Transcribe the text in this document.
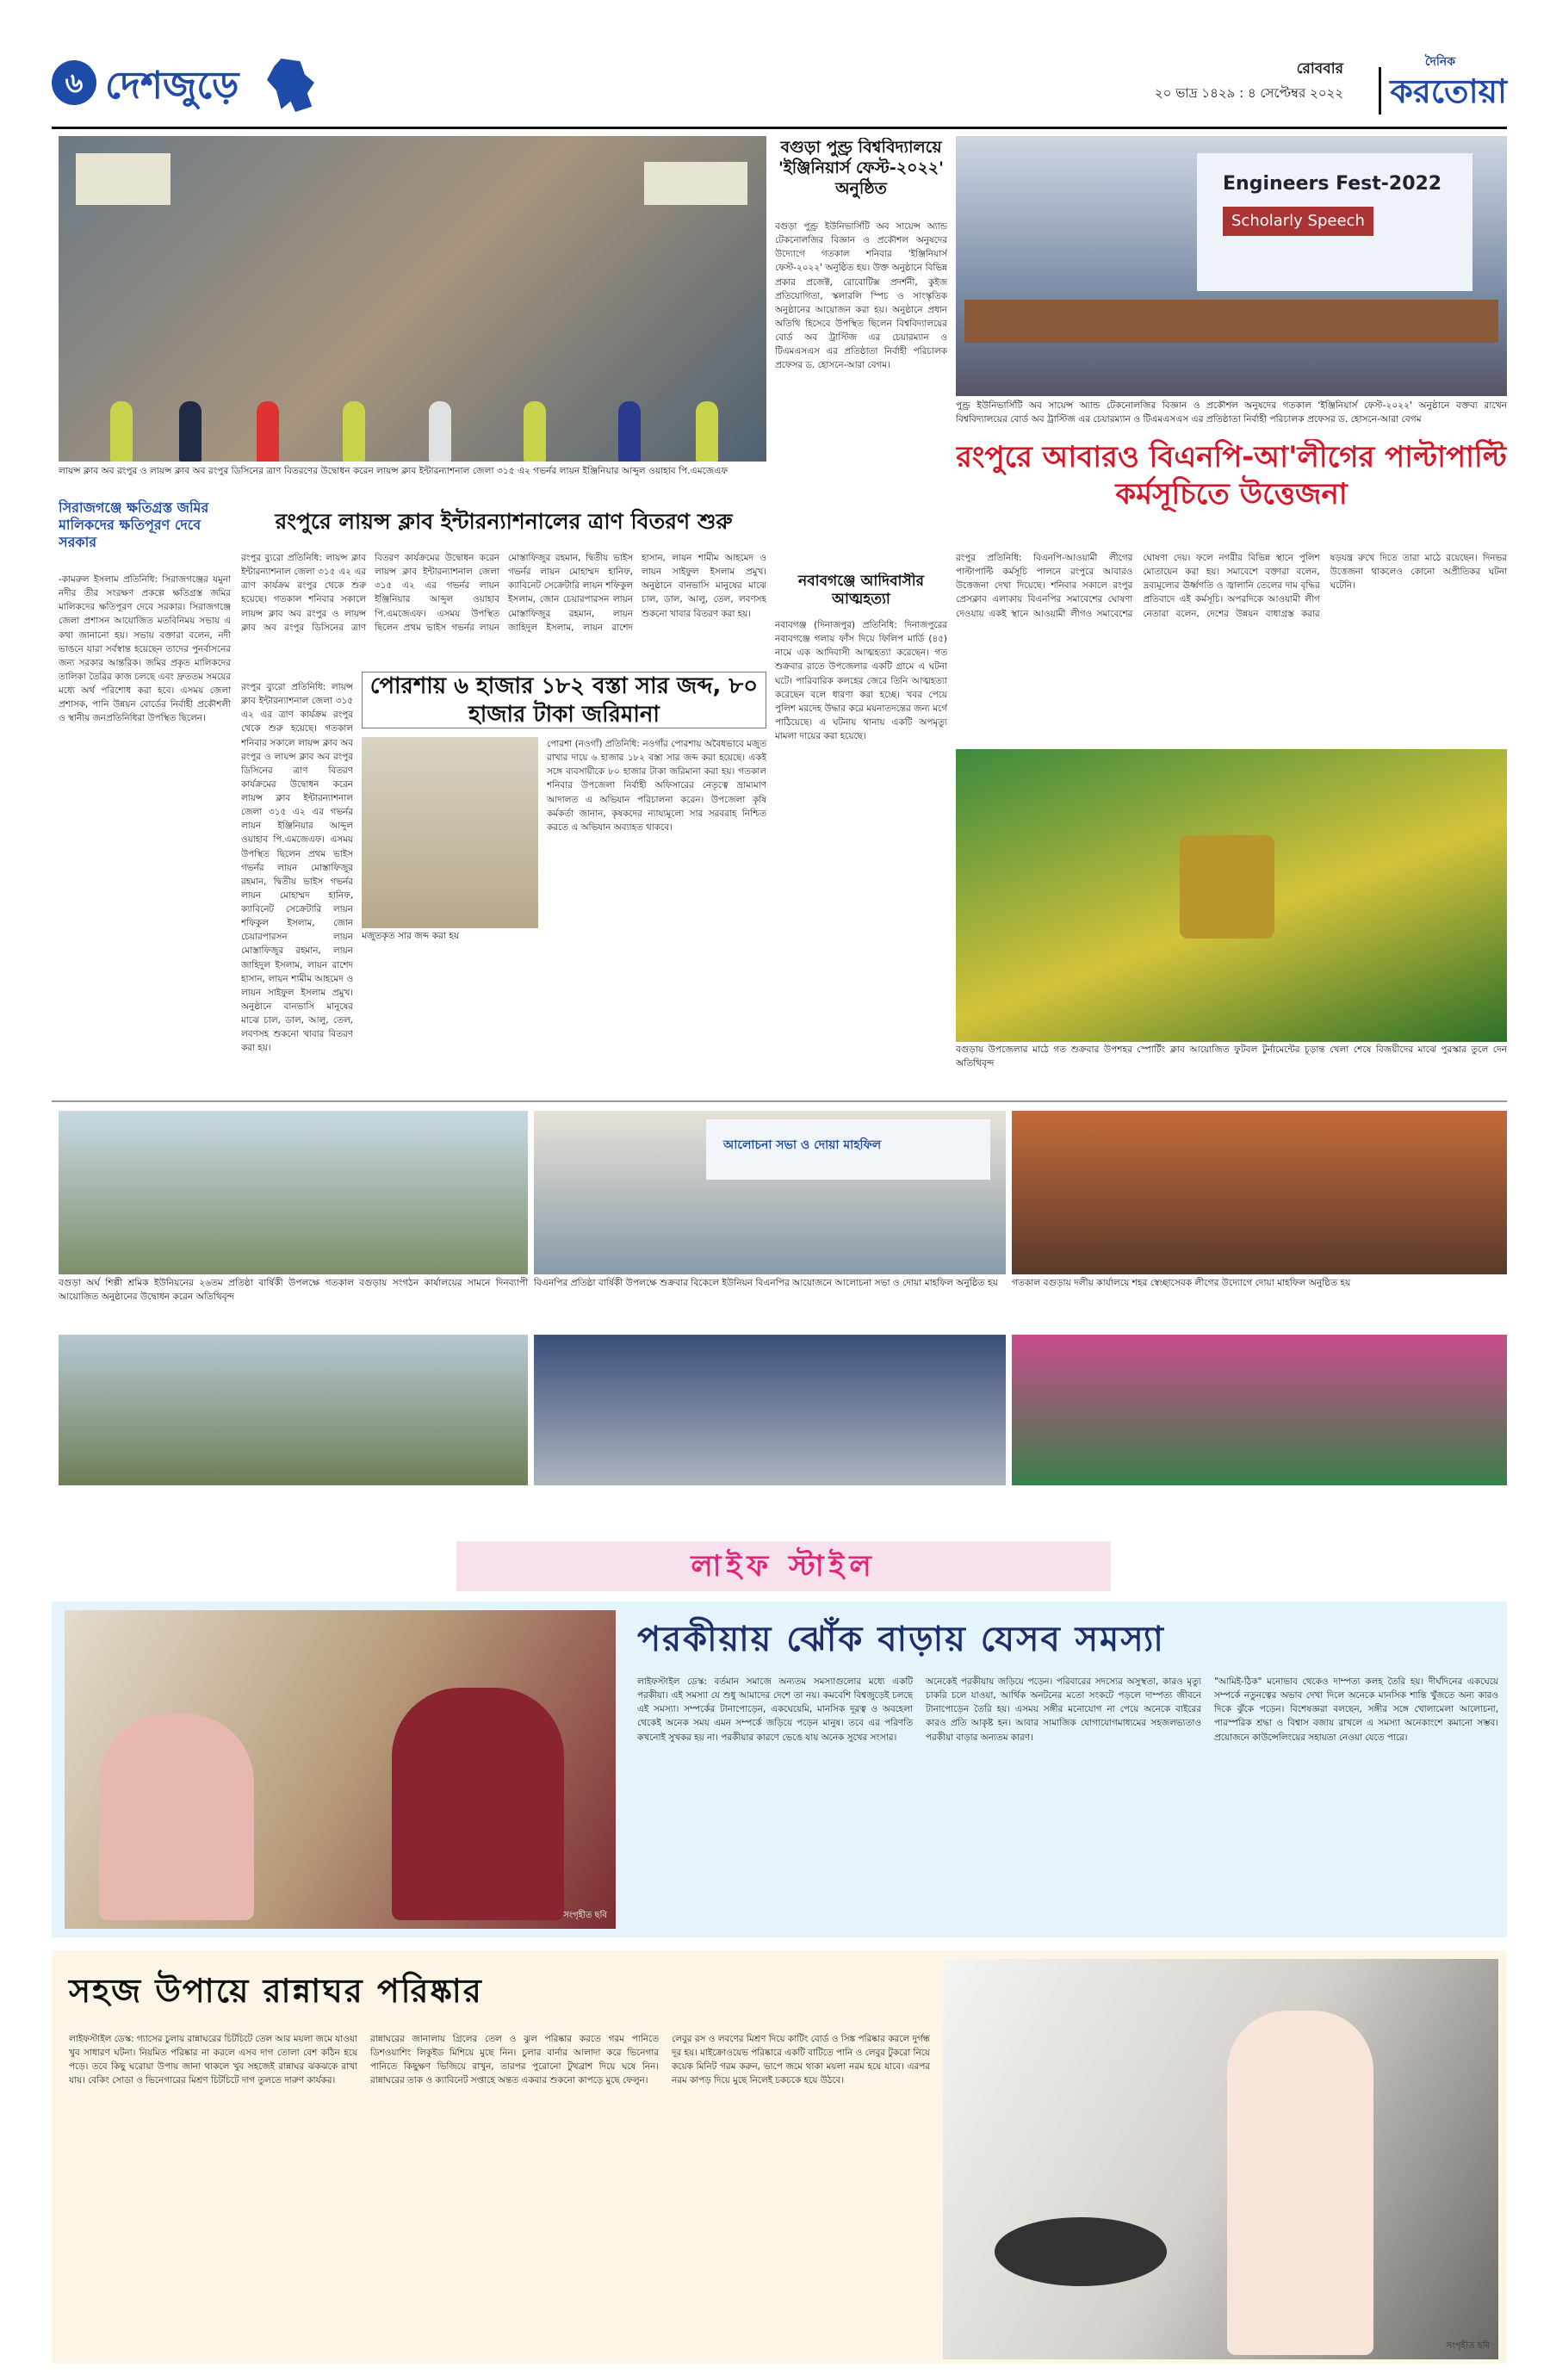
৬ দেশজুড়ে	রোববার
২০ ভাদ্র ১৪২৯ : ৪ সেপ্টেম্বর ২০২২
দৈনিক
করতোয়া
লায়ন্স ক্লাব অব রংপুর ও লায়ন্স ক্লাব অব রংপুর ডিসিনের ত্রাণ বিতরণের উদ্বোধন করেন লায়ন্স ক্লাব ইন্টারন্যাশনাল জেলা ৩১৫ এ২ গভর্নর লায়ন ইঞ্জিনিয়ার আব্দুল ওয়াহাব পি.এমজেএফ
বগুড়া পুণ্ড্র বিশ্ববিদ্যালয়ে 'ইঞ্জিনিয়ার্স ফেস্ট-২০২২' অনুষ্ঠিত
বগুড়া পুণ্ড্র ইউনিভার্সিটি অব সায়েন্স অ্যান্ড টেকনোলজির বিজ্ঞান ও প্রকৌশল অনুষদের উদ্যোগে গতকাল শনিবার 'ইঞ্জিনিয়ার্স ফেস্ট-২০২২' অনুষ্ঠিত হয়। উক্ত অনুষ্ঠানে বিভিন্ন প্রকার প্রজেক্ট, রোবোটিক্স প্রদর্শনী, কুইজ প্রতিযোগিতা, স্কলারলি স্পিচ ও সাংস্কৃতিক অনুষ্ঠানের আয়োজন করা হয়। অনুষ্ঠানে প্রধান অতিথি হিসেবে উপস্থিত ছিলেন বিশ্ববিদ্যালয়ের বোর্ড অব ট্রাস্টিজ এর চেয়ারম্যান ও টিএমএসএস এর প্রতিষ্ঠাতা নির্বাহী পরিচালক প্রফেসর ড. হোসনে-আরা বেগম।
Engineers Fest-2022
Scholarly Speech
পুণ্ড্র ইউনিভার্সিটি অব সায়েন্স অ্যান্ড টেকনোলজির বিজ্ঞান ও প্রকৌশল অনুষদের গতকাল 'ইঞ্জিনিয়ার্স ফেস্ট-২০২২' অনুষ্ঠানে বক্তব্য রাখেন বিশ্ববিদ্যালয়ের বোর্ড অব ট্রাস্টিজ এর চেয়ারম্যান ও টিএমএসএস এর প্রতিষ্ঠাতা নির্বাহী পরিচালক প্রফেসর ড. হোসনে-আরা বেগম
রংপুরে আবারও বিএনপি-আ'লীগের পাল্টাপাল্টি কর্মসূচিতে উত্তেজনা
সিরাজগঞ্জে ক্ষতিগ্রস্ত জমির মালিকদের ক্ষতিপূরণ দেবে সরকার
-কামরুল ইসলাম প্রতিনিধি: সিরাজগঞ্জের যমুনা নদীর তীর সংরক্ষণ প্রকল্পে ক্ষতিগ্রস্ত জমির মালিকদের ক্ষতিপূরণ দেবে সরকার। সিরাজগঞ্জে জেলা প্রশাসন আয়োজিত মতবিনিময় সভায় এ কথা জানানো হয়। সভায় বক্তারা বলেন, নদী ভাঙনে যারা সর্বস্বান্ত হয়েছেন তাদের পুনর্বাসনের জন্য সরকার আন্তরিক। জমির প্রকৃত মালিকদের তালিকা তৈরির কাজ চলছে এবং দ্রুততম সময়ের মধ্যে অর্থ পরিশোধ করা হবে। এসময় জেলা প্রশাসক, পানি উন্নয়ন বোর্ডের নির্বাহী প্রকৌশলী ও স্থানীয় জনপ্রতিনিধিরা উপস্থিত ছিলেন।
রংপুরে লায়ন্স ক্লাব ইন্টারন্যাশনালের ত্রাণ বিতরণ শুরু
রংপুর ব্যুরো প্রতিনিধি: লায়ন্স ক্লাব ইন্টারন্যাশনাল জেলা ৩১৫ এ২ এর ত্রাণ কার্যক্রম রংপুর থেকে শুরু হয়েছে। গতকাল শনিবার সকালে লায়ন্স ক্লাব অব রংপুর ও লায়ন্স ক্লাব অব রংপুর ডিসিনের ত্রাণ বিতরণ কার্যক্রমের উদ্বোধন করেন লায়ন্স ক্লাব ইন্টারন্যাশনাল জেলা ৩১৫ এ২ এর গভর্নর লায়ন ইঞ্জিনিয়ার আব্দুল ওয়াহাব পি.এমজেএফ। এসময় উপস্থিত ছিলেন প্রথম ভাইস গভর্নর লায়ন মোস্তাফিজুর রহমান, দ্বিতীয় ভাইস গভর্নর লায়ন মোহাম্মদ হানিফ, ক্যাবিনেট সেক্রেটারি লায়ন শফিকুল ইসলাম, জোন চেয়ারপারসন লায়ন মোস্তাফিজুর রহমান, লায়ন জাহিদুল ইসলাম, লায়ন রাশেদ হাসান, লায়ন শামীম আহমেদ ও লায়ন সাইফুল ইসলাম প্রমুখ। অনুষ্ঠানে বানভাসি মানুষের মাঝে চাল, ডাল, আলু, তেল, লবণসহ শুকনো খাবার বিতরণ করা হয়।
পোরশায় ৬ হাজার ১৮২ বস্তা সার জব্দ, ৮০ হাজার টাকা জরিমানা
রংপুর ব্যুরো প্রতিনিধি: লায়ন্স ক্লাব ইন্টারন্যাশনাল জেলা ৩১৫ এ২ এর ত্রাণ কার্যক্রম রংপুর থেকে শুরু হয়েছে। গতকাল শনিবার সকালে লায়ন্স ক্লাব অব রংপুর ও লায়ন্স ক্লাব অব রংপুর ডিসিনের ত্রাণ বিতরণ কার্যক্রমের উদ্বোধন করেন লায়ন্স ক্লাব ইন্টারন্যাশনাল জেলা ৩১৫ এ২ এর গভর্নর লায়ন ইঞ্জিনিয়ার আব্দুল ওয়াহাব পি.এমজেএফ। এসময় উপস্থিত ছিলেন প্রথম ভাইস গভর্নর লায়ন মোস্তাফিজুর রহমান, দ্বিতীয় ভাইস গভর্নর লায়ন মোহাম্মদ হানিফ, ক্যাবিনেট সেক্রেটারি লায়ন শফিকুল ইসলাম, জোন চেয়ারপারসন লায়ন মোস্তাফিজুর রহমান, লায়ন জাহিদুল ইসলাম, লায়ন রাশেদ হাসান, লায়ন শামীম আহমেদ ও লায়ন সাইফুল ইসলাম প্রমুখ। অনুষ্ঠানে বানভাসি মানুষের মাঝে চাল, ডাল, আলু, তেল, লবণসহ শুকনো খাবার বিতরণ করা হয়।
মজুতকৃত সার জব্দ করা হয়
পোরশা (নওগাঁ) প্রতিনিধি: নওগাঁর পোরশায় অবৈধভাবে মজুত রাখার দায়ে ৬ হাজার ১৮২ বস্তা সার জব্দ করা হয়েছে। একই সঙ্গে ব্যবসায়ীকে ৮০ হাজার টাকা জরিমানা করা হয়। গতকাল শনিবার উপজেলা নির্বাহী অফিসারের নেতৃত্বে ভ্রাম্যমাণ আদালত এ অভিযান পরিচালনা করেন। উপজেলা কৃষি কর্মকর্তা জানান, কৃষকদের ন্যায্যমূল্যে সার সরবরাহ নিশ্চিত করতে এ অভিযান অব্যাহত থাকবে।
নবাবগঞ্জে আদিবাসীর আত্মহত্যা
নবাবগঞ্জ (দিনাজপুর) প্রতিনিধি: দিনাজপুরের নবাবগঞ্জে গলায় ফাঁস দিয়ে ফিলিপ মার্ডি (৪৫) নামে এক আদিবাসী আত্মহত্যা করেছেন। গত শুক্রবার রাতে উপজেলার একটি গ্রামে এ ঘটনা ঘটে। পারিবারিক কলহের জেরে তিনি আত্মহত্যা করেছেন বলে ধারণা করা হচ্ছে। খবর পেয়ে পুলিশ মরদেহ উদ্ধার করে ময়নাতদন্তের জন্য মর্গে পাঠিয়েছে। এ ঘটনায় থানায় একটি অপমৃত্যু মামলা দায়ের করা হয়েছে।
রংপুর প্রতিনিধি: বিএনপি-আওয়ামী লীগের পাল্টাপাল্টি কর্মসূচি পালনে রংপুরে আবারও উত্তেজনা দেখা দিয়েছে। শনিবার সকালে রংপুর প্রেসক্লাব এলাকায় বিএনপির সমাবেশের ঘোষণা দেওয়ায় একই স্থানে আওয়ামী লীগও সমাবেশের ঘোষণা দেয়। ফলে নগরীর বিভিন্ন স্থানে পুলিশ মোতায়েন করা হয়। সমাবেশে বক্তারা বলেন, দ্রব্যমূল্যের ঊর্ধ্বগতি ও জ্বালানি তেলের দাম বৃদ্ধির প্রতিবাদে এই কর্মসূচি। অপরদিকে আওয়ামী লীগ নেতারা বলেন, দেশের উন্নয়ন বাধাগ্রস্ত করার ষড়যন্ত্র রুখে দিতে তারা মাঠে রয়েছেন। দিনভর উত্তেজনা থাকলেও কোনো অপ্রীতিকর ঘটনা ঘটেনি।
বগুড়ায় উপজেলার মাঠে গত শুক্রবার উপশহর স্পোর্টিং ক্লাব আয়োজিত ফুটবল টুর্নামেন্টের চূড়ান্ত খেলা শেষে বিজয়ীদের মাঝে পুরস্কার তুলে দেন অতিথিবৃন্দ
বগুড়া অর্ঘ শিল্পী শ্রমিক ইউনিয়নের ২৬তম প্রতিষ্ঠা বার্ষিকী উপলক্ষে গতকাল বগুড়ায় সংগঠন কার্যালয়ের সামনে দিনব্যাপী আয়োজিত অনুষ্ঠানের উদ্বোধন করেন অতিথিবৃন্দ
আলোচনা সভা ও দোয়া মাহফিল
বিএনপির প্রতিষ্ঠা বার্ষিকী উপলক্ষে শুক্রবার বিকেলে ইউনিয়ন বিএনপির আয়োজনে আলোচনা সভা ও দোয়া মাহফিল অনুষ্ঠিত হয়	গতকাল বগুড়ায় দলীয় কার্যালয়ে শহর স্বেচ্ছাসেবক লীগের উদ্যোগে দোয়া মাহফিল অনুষ্ঠিত হয়
লাইফ স্টাইল
সংগৃহীত ছবি
পরকীয়ায় ঝোঁক বাড়ায় যেসব সমস্যা
লাইফস্টাইল ডেস্ক: বর্তমান সমাজে অন্যতম সমস্যাগুলোর মধ্যে একটি পরকীয়া। এই সমস্যা যে শুধু আমাদের দেশে তা নয়। কমবেশি বিশ্বজুড়েই চলছে এই সমস্যা। সম্পর্কের টানাপোড়েন, একঘেয়েমি, মানসিক দূরত্ব ও অবহেলা থেকেই অনেক সময় এমন সম্পর্কে জড়িয়ে পড়েন মানুষ। তবে এর পরিণতি কখনোই সুখকর হয় না। পরকীয়ার কারণে ভেঙে যায় অনেক সুখের সংসার।
অনেকেই পরকীয়ায় জড়িয়ে পড়েন। পরিবারের সদস্যের অসুস্থতা, কারও মৃত্যু চাকরি চলে যাওয়া, আর্থিক অনটনের মতো সংকটে পড়লে দাম্পত্য জীবনে টানাপোড়েন তৈরি হয়। এসময় সঙ্গীর মনোযোগ না পেয়ে অনেকে বাইরের কারও প্রতি আকৃষ্ট হন। আবার সামাজিক যোগাযোগমাধ্যমের সহজলভ্যতাও পরকীয়া বাড়ার অন্যতম কারণ।
"আমিই-ঠিক" মনোভাব থেকেও দাম্পত্য কলহ তৈরি হয়। দীর্ঘদিনের একঘেয়ে সম্পর্কে নতুনত্বের অভাব দেখা দিলে অনেকে মানসিক শান্তি খুঁজতে অন্য কারও দিকে ঝুঁকে পড়েন। বিশেষজ্ঞরা বলছেন, সঙ্গীর সঙ্গে খোলামেলা আলোচনা, পারস্পরিক শ্রদ্ধা ও বিশ্বাস বজায় রাখলে এ সমস্যা অনেকাংশে কমানো সম্ভব। প্রয়োজনে কাউন্সেলিংয়ের সহায়তা নেওয়া যেতে পারে।
সহজ উপায়ে রান্নাঘর পরিষ্কার
লাইফস্টাইল ডেস্ক: গ্যাসের চুলায় রান্নাঘরের চিটচিটে তেল আর ময়লা জমে যাওয়া খুব সাধারণ ঘটনা। নিয়মিত পরিষ্কার না করলে এসব দাগ তোলা বেশ কঠিন হয়ে পড়ে। তবে কিছু ঘরোয়া উপায় জানা থাকলে খুব সহজেই রান্নাঘর ঝকঝকে রাখা যায়। বেকিং সোডা ও ভিনেগারের মিশ্রণ চিটচিটে দাগ তুলতে দারুণ কার্যকর।
রান্নাঘরের জানালায় গ্রিলের তেল ও ঝুল পরিষ্কার করতে গরম পানিতে ডিশওয়াশিং লিকুইড মিশিয়ে মুছে নিন। চুলার বার্নার আলাদা করে ভিনেগার পানিতে কিছুক্ষণ ভিজিয়ে রাখুন, তারপর পুরোনো টুথব্রাশ দিয়ে ঘষে নিন। রান্নাঘরের তাক ও ক্যাবিনেট সপ্তাহে অন্তত একবার শুকনো কাপড়ে মুছে ফেলুন।
লেবুর রস ও লবণের মিশ্রণ দিয়ে কাটিং বোর্ড ও সিঙ্ক পরিষ্কার করলে দুর্গন্ধ দূর হয়। মাইক্রোওয়েভ পরিষ্কারে একটি বাটিতে পানি ও লেবুর টুকরো নিয়ে কয়েক মিনিট গরম করুন, ভাপে জমে থাকা ময়লা নরম হয়ে যাবে। এরপর নরম কাপড় দিয়ে মুছে নিলেই চকচকে হয়ে উঠবে।
সংগৃহীত ছবি
